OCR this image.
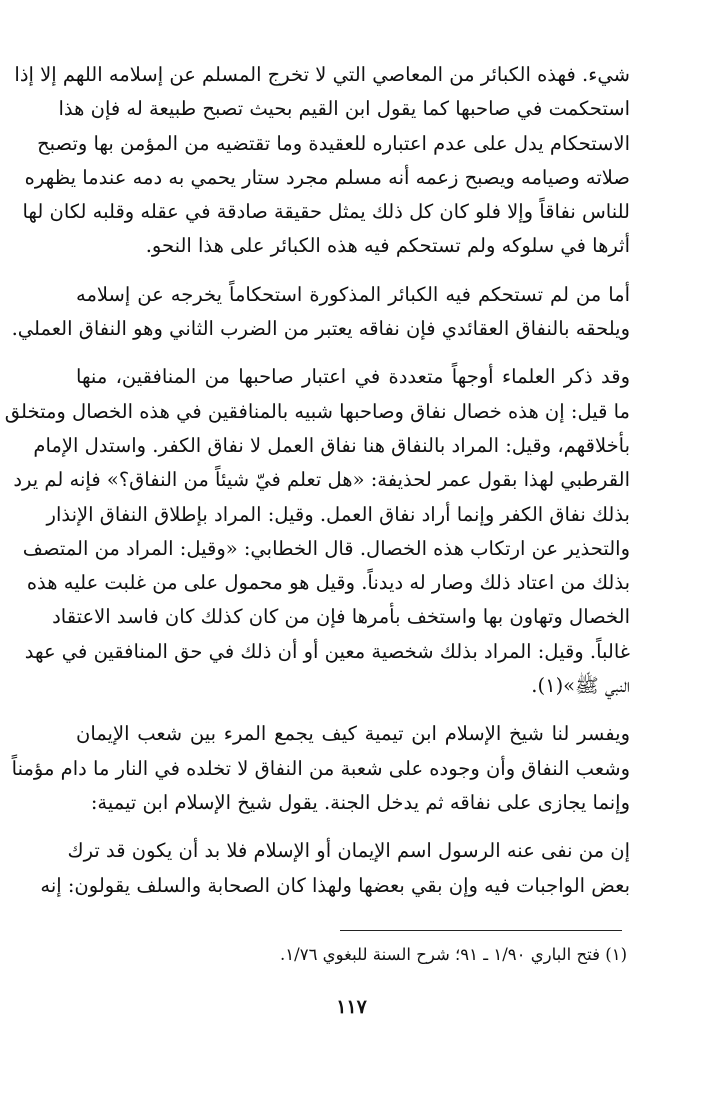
شيء. فهذه الكبائر من المعاصي التي لا تخرج المسلم عن إسلامه اللهم إلا إذا
استحكمت في صاحبها كما يقول ابن القيم بحيث تصبح طبيعة له فإن هذا
الاستحكام يدل على عدم اعتباره للعقيدة وما تقتضيه من المؤمن بها وتصبح
صلاته وصيامه ويصبح زعمه أنه مسلم مجرد ستار يحمي به دمه عندما يظهره
للناس نفاقاً وإلا فلو كان كل ذلك يمثل حقيقة صادقة في عقله وقلبه لكان لها
أثرها في سلوكه ولم تستحكم فيه هذه الكبائر على هذا النحو.

أما من لم تستحكم فيه الكبائر المذكورة استحكاماً يخرجه عن إسلامه
ويلحقه بالنفاق العقائدي فإن نفاقه يعتبر من الضرب الثاني وهو النفاق العملي.

وقد ذكر العلماء أوجهاً متعددة في اعتبار صاحبها من المنافقين، منها
ما قيل: إن هذه خصال نفاق وصاحبها شبيه بالمنافقين في هذه الخصال ومتخلق
بأخلاقهم، وقيل: المراد بالنفاق هنا نفاق العمل لا نفاق الكفر. واستدل الإمام
القرطبي لهذا بقول عمر لحذيفة: «هل تعلم فيّ شيئاً من النفاق؟» فإنه لم يرد
بذلك نفاق الكفر وإنما أراد نفاق العمل. وقيل: المراد بإطلاق النفاق الإنذار
والتحذير عن ارتكاب هذه الخصال. قال الخطابي: «وقيل: المراد من المتصف
بذلك من اعتاد ذلك وصار له ديدناً. وقيل هو محمول على من غلبت عليه هذه
الخصال وتهاون بها واستخف بأمرها فإن من كان كذلك كان فاسد الاعتقاد
غالباً. وقيل: المراد بذلك شخصية معين أو أن ذلك في حق المنافقين في عهد
النبي ﷺ»(١).

ويفسر لنا شيخ الإسلام ابن تيمية كيف يجمع المرء بين شعب الإيمان
وشعب النفاق وأن وجوده على شعبة من النفاق لا تخلده في النار ما دام مؤمناً
وإنما يجازى على نفاقه ثم يدخل الجنة. يقول شيخ الإسلام ابن تيمية:

إن من نفى عنه الرسول اسم الإيمان أو الإسلام فلا بد أن يكون قد ترك
بعض الواجبات فيه وإن بقي بعضها ولهذا كان الصحابة والسلف يقولون: إنه

(١) فتح الباري ١/٩٠ ـ ٩١؛ شرح السنة للبغوي ١/٧٦.
١١٧
